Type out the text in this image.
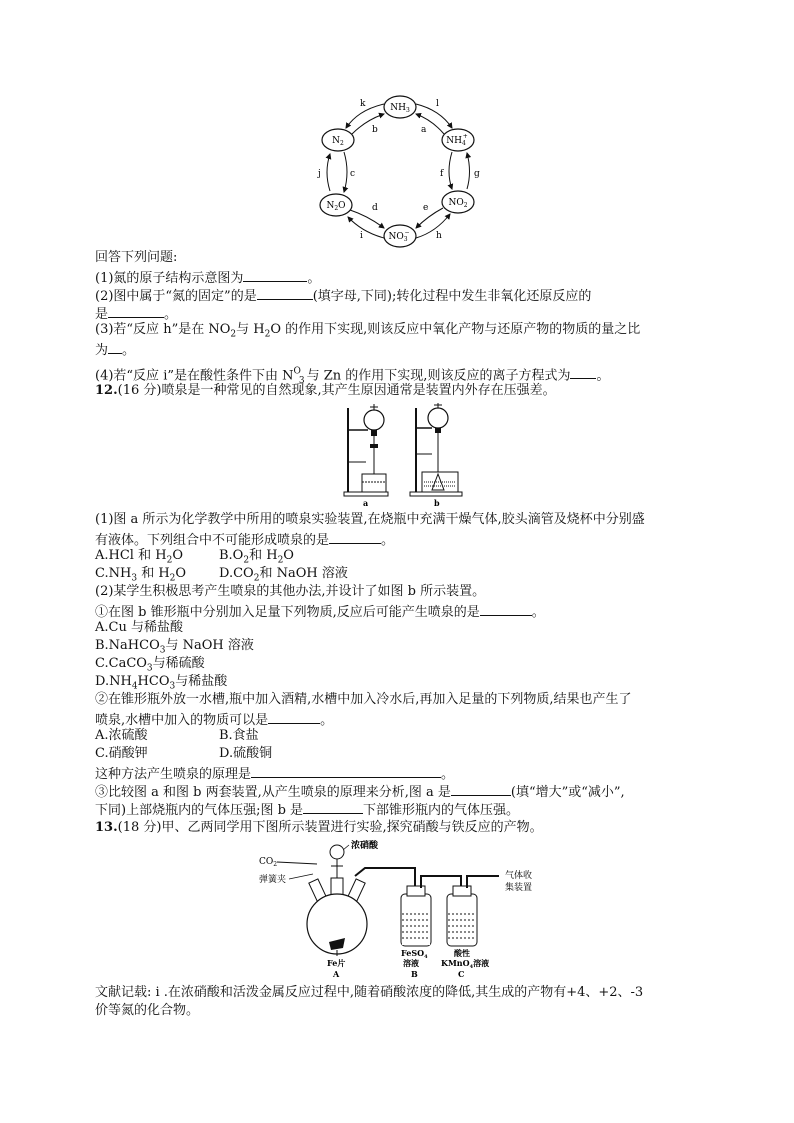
$NH_3$
$N_2$	$NH_4+$
$N_2O$	$NO_2$
$NO_3-$
k	l
a
b
j	c	f	g
d	e
i	h
回答下列问题:
(1)氮的原子结构示意图为	。
(2)图中属于“氮的固定”的是	(填字母,下同);转化过程中发生非氧化还原反应的
是	。
(3)若“反应 h”是在 $NO_2$与 $H_2O$ 的作用下实现,则该反应中氧化产物与还原产物的物质的量之比
为 。
(4)若“反应 i”是在酸性条件下由 $N^O_3$ 与 Zn 的作用下实现,则该反应的离子方程式为 。
12.(16 分)喷泉是一种常见的自然现象,其产生原因通常是装置内外存在压强差。
a	b
(1)图 a 所示为化学教学中所用的喷泉实验装置,在烧瓶中充满干燥气体,胶头滴管及烧杯中分别盛
有液体。下列组合中不可能形成喷泉的是	。
A.HCl 和 $H_2O$	$B.O_2$和 $H_2O$
$C.NH_3$ 和 $H_2O$	$D.CO_2$和 NaOH 溶液
(2)某学生积极思考产生喷泉的其他办法,并设计了如图 b 所示装置。
①在图 b 锥形瓶中分别加入足量下列物质,反应后可能产生喷泉的是	。
A.Cu 与稀盐酸
B.NaHCO$_3$与 NaOH 溶液
C.CaCO$_3$与稀硫酸
$D.NH_4HCO_3$与稀盐酸
②在锥形瓶外放一水槽,瓶中加入酒精,水槽中加入冷水后,再加入足量的下列物质,结果也产生了
喷泉,水槽中加入的物质可以是	。
A.浓硫酸	B.食盐
C.硝酸钾	D.硫酸铜
这种方法产生喷泉的原理是	。
③比较图 a 和图 b 两套装置,从产生喷泉的原理来分析,图 a 是	(填“增大”或“减小”,
下同)上部烧瓶内的气体压强;图 b 是	下部锥形瓶内的气体压强。
13.(18 分)甲、乙两同学用下图所示装置进行实验,探究硝酸与铁反应的产物。
$CO_2$
弹簧夹
浓硝酸
Fe片
A
FeSO$_4$
溶液
B
酸性
KMnO$_4$溶液
C
气体收
集装置
文献记载: i .在浓硝酸和活泼金属反应过程中,随着硝酸浓度的降低,其生成的产物有+4、+2、-3
价等氮的化合物。
